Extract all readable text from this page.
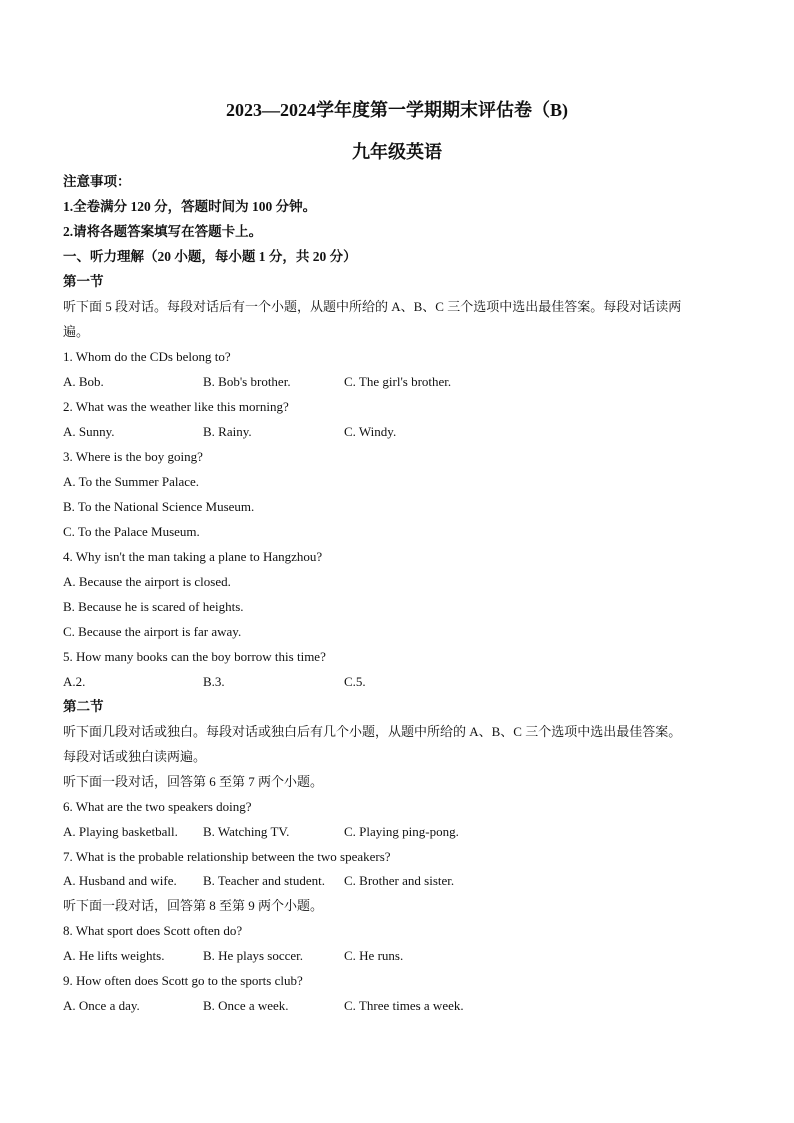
2023—2024学年度第一学期期末评估卷（B)
九年级英语
注意事项：
1.全卷满分 120 分，答题时间为 100 分钟。
2.请将各题答案填写在答题卡上。
一、听力理解（20 小题，每小题 1 分，共 20 分）
第一节
听下面 5 段对话。每段对话后有一个小题，从题中所给的 A、B、C 三个选项中选出最佳答案。每段对话读两
遍。
1. Whom do the CDs belong to?
A. Bob.	B. Bob's brother.	C. The girl's brother.
2. What was the weather like this morning?
A. Sunny.	B. Rainy.	C. Windy.
3. Where is the boy going?
A. To the Summer Palace.
B. To the National Science Museum.
C. To the Palace Museum.
4. Why isn't the man taking a plane to Hangzhou?
A. Because the airport is closed.
B. Because he is scared of heights.
C. Because the airport is far away.
5. How many books can the boy borrow this time?
A.2.	B.3.	C.5.
第二节
听下面几段对话或独白。每段对话或独白后有几个小题，从题中所给的 A、B、C 三个选项中选出最佳答案。
每段对话或独白读两遍。
听下面一段对话，回答第 6 至第 7 两个小题。
6. What are the two speakers doing?
A. Playing basketball. B. Watching TV.	C. Playing ping-pong.
7. What is the probable relationship between the two speakers?
A. Husband and wife. B. Teacher and student. C. Brother and sister.
听下面一段对话，回答第 8 至第 9 两个小题。
8. What sport does Scott often do?
A. He lifts weights.	B. He plays soccer.	C. He runs.
9. How often does Scott go to the sports club?
A. Once a day.	B. Once a week.	C. Three times a week.
